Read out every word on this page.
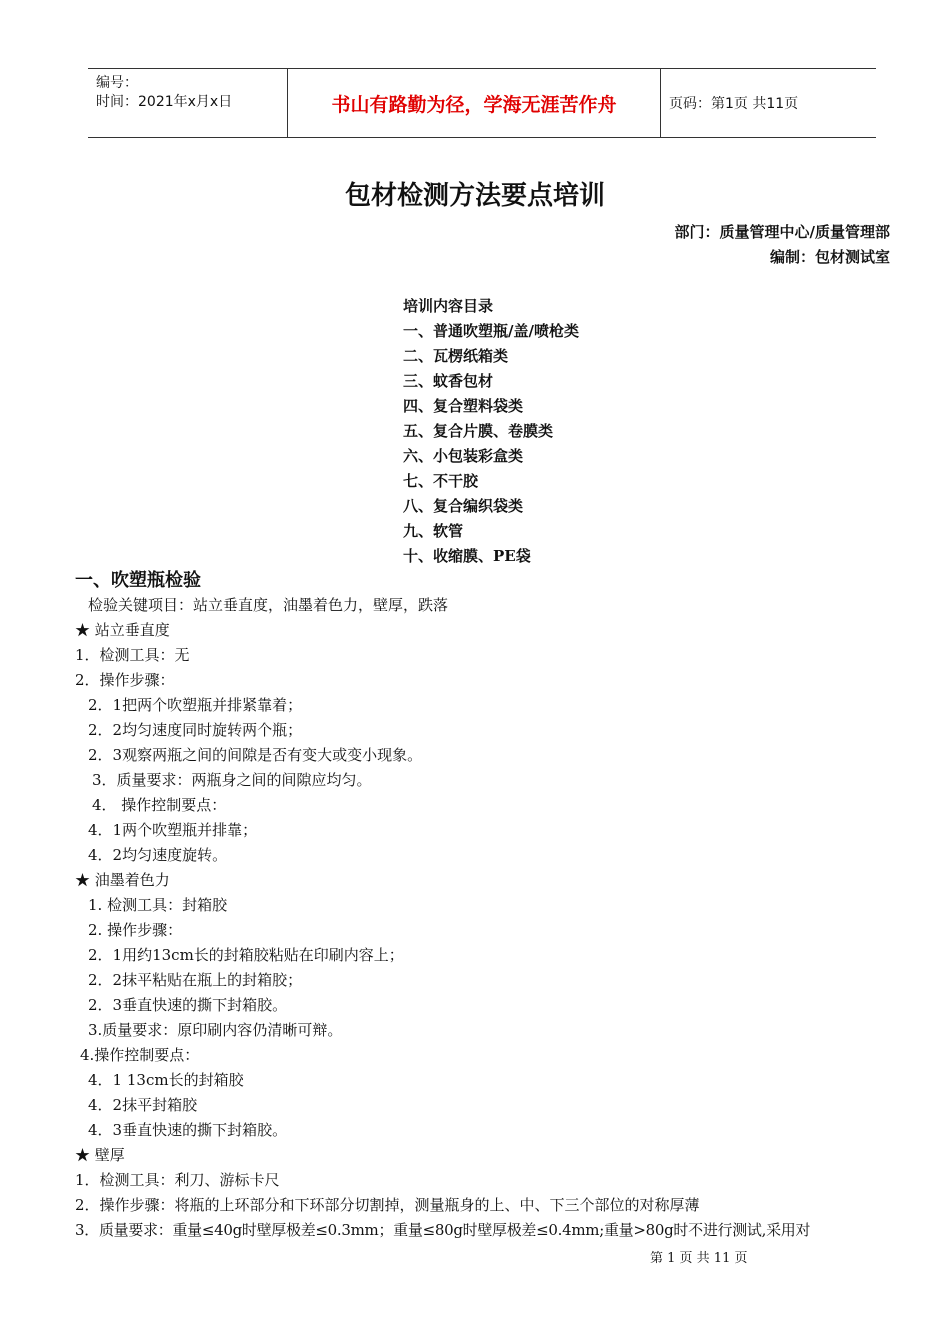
编号：
时间：2021年x月x日	书山有路勤为径，学海无涯苦作舟	页码：第1页 共11页
包材检测方法要点培训
部门：质量管理中心/质量管理部
编制：包材测试室
培训内容目录
一、普通吹塑瓶/盖/喷枪类
二、瓦楞纸箱类
三、蚊香包材
四、复合塑料袋类
五、复合片膜、卷膜类
六、小包装彩盒类
七、不干胶
八、复合编织袋类
九、软管
十、收缩膜、PE袋
一、吹塑瓶检验
检验关键项目：站立垂直度，油墨着色力，壁厚，跌落
★ 站立垂直度
1．检测工具：无
2．操作步骤：
2．1把两个吹塑瓶并排紧靠着；
2．2均匀速度同时旋转两个瓶；
2．3观察两瓶之间的间隙是否有变大或变小现象。
3．质量要求：两瓶身之间的间隙应均匀。
4． 操作控制要点：
4．1两个吹塑瓶并排靠；
4．2均匀速度旋转。
★ 油墨着色力
1. 检测工具：封箱胶
2. 操作步骤：
2．1用约13cm长的封箱胶粘贴在印刷内容上；
2．2抹平粘贴在瓶上的封箱胶；
2．3垂直快速的撕下封箱胶。
3.质量要求：原印刷内容仍清晰可辩。
4.操作控制要点：
4．1 13cm长的封箱胶
4．2抹平封箱胶
4．3垂直快速的撕下封箱胶。
★ 壁厚
1．检测工具：利刀、游标卡尺
2．操作步骤：将瓶的上环部分和下环部分切割掉，测量瓶身的上、中、下三个部位的对称厚薄
3．质量要求：重量≤40g时壁厚极差≤0.3mm；重量≤80g时壁厚极差≤0.4mm;重量>80g时不进行测试,采用对
第 1 页 共 11 页
